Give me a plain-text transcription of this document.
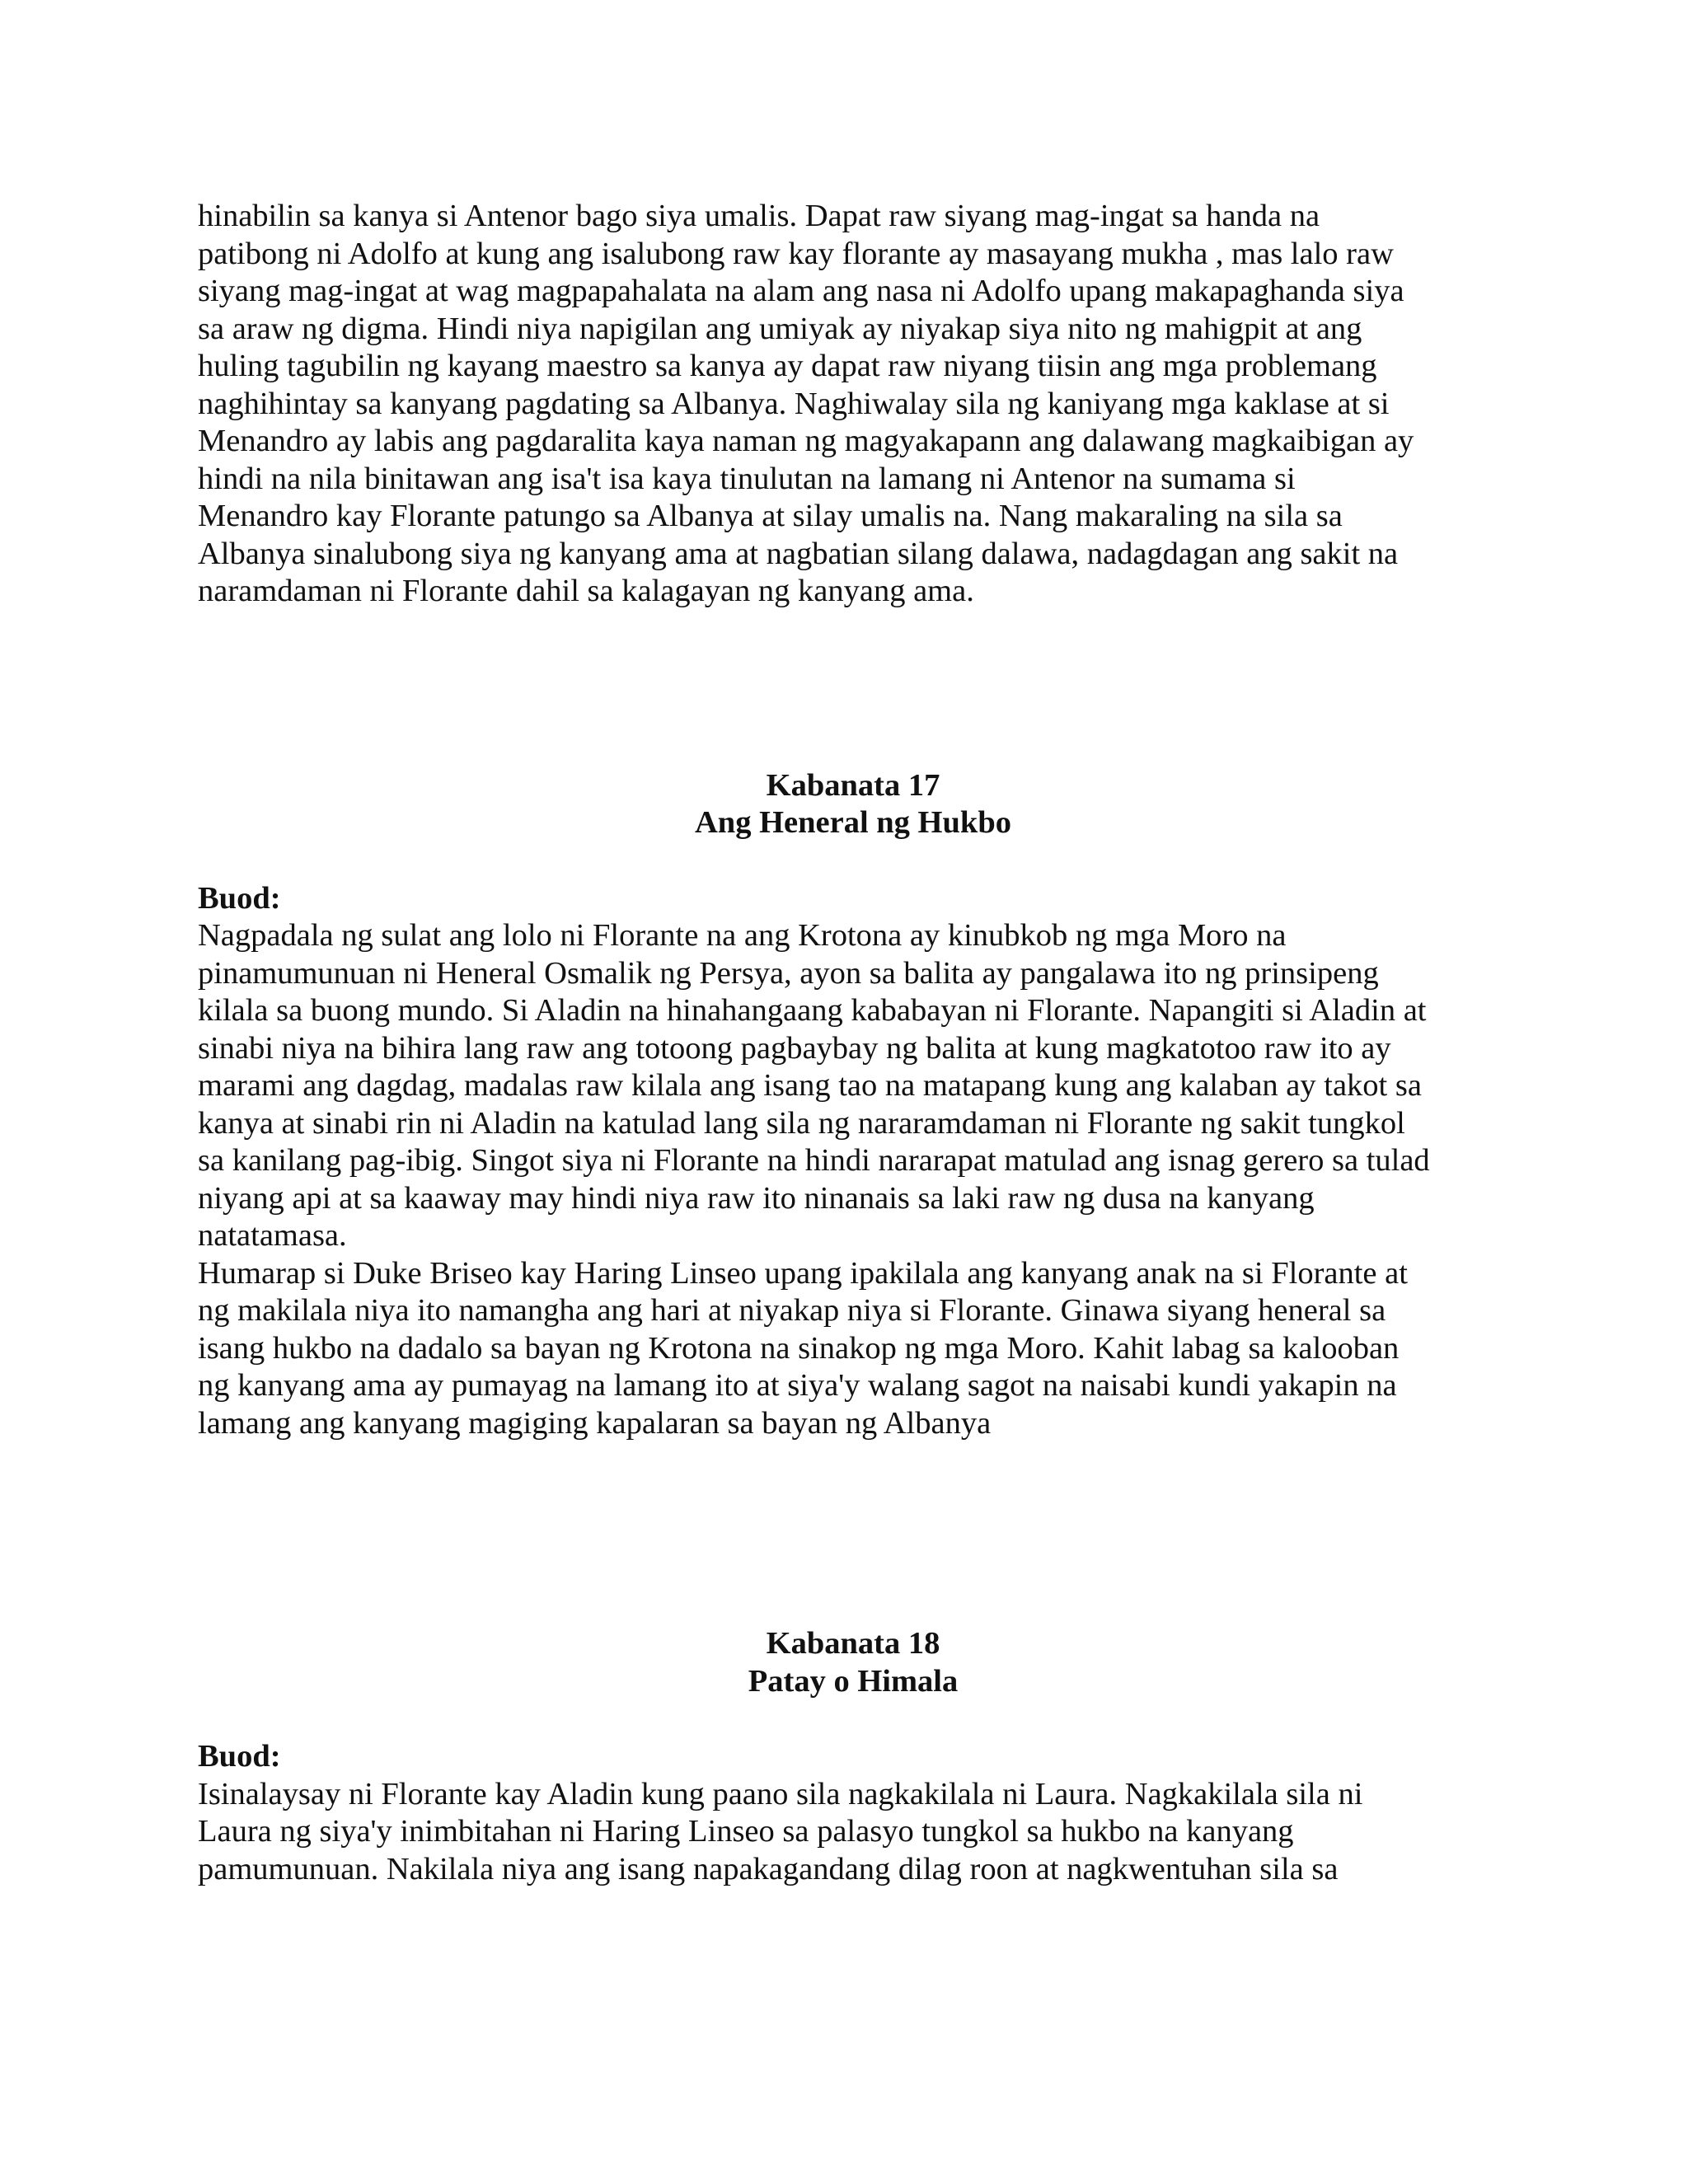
hinabilin sa kanya si Antenor bago siya umalis. Dapat raw siyang mag-ingat sa handa na
patibong ni Adolfo at kung ang isalubong raw kay florante ay masayang mukha , mas lalo raw
siyang mag-ingat at wag magpapahalata na alam ang nasa ni Adolfo upang makapaghanda siya
sa araw ng digma. Hindi niya napigilan ang umiyak ay niyakap siya nito ng mahigpit at ang
huling tagubilin ng kayang maestro sa kanya ay dapat raw niyang tiisin ang mga problemang
naghihintay sa kanyang pagdating sa Albanya. Naghiwalay sila ng kaniyang mga kaklase at si
Menandro ay labis ang pagdaralita kaya naman ng magyakapann ang dalawang magkaibigan ay
hindi na nila binitawan ang isa't isa kaya tinulutan na lamang ni Antenor na sumama si
Menandro kay Florante patungo sa Albanya at silay umalis na. Nang makaraling na sila sa
Albanya sinalubong siya ng kanyang ama at nagbatian silang dalawa, nadagdagan ang sakit na
naramdaman ni Florante dahil sa kalagayan ng kanyang ama.

Kabanata 17

Ang Heneral ng Hukbo

Buod:

Nagpadala ng sulat ang lolo ni Florante na ang Krotona ay kinubkob ng mga Moro na
pinamumunuan ni Heneral Osmalik ng Persya, ayon sa balita ay pangalawa ito ng prinsipeng
kilala sa buong mundo. Si Aladin na hinahangaang kababayan ni Florante. Napangiti si Aladin at
sinabi niya na bihira lang raw ang totoong pagbaybay ng balita at kung magkatotoo raw ito ay
marami ang dagdag, madalas raw kilala ang isang tao na matapang kung ang kalaban ay takot sa
kanya at sinabi rin ni Aladin na katulad lang sila ng nararamdaman ni Florante ng sakit tungkol
sa kanilang pag-ibig. Singot siya ni Florante na hindi nararapat matulad ang isnag gerero sa tulad
niyang api at sa kaaway may hindi niya raw ito ninanais sa laki raw ng dusa na kanyang
natatamasa.
Humarap si Duke Briseo kay Haring Linseo upang ipakilala ang kanyang anak na si Florante at
ng makilala niya ito namangha ang hari at niyakap niya si Florante. Ginawa siyang heneral sa
isang hukbo na dadalo sa bayan ng Krotona na sinakop ng mga Moro. Kahit labag sa kalooban
ng kanyang ama ay pumayag na lamang ito at siya'y walang sagot na naisabi kundi yakapin na
lamang ang kanyang magiging kapalaran sa bayan ng Albanya

Kabanata 18

Patay o Himala

Buod:

Isinalaysay ni Florante kay Aladin kung paano sila nagkakilala ni Laura. Nagkakilala sila ni
Laura ng siya'y inimbitahan ni Haring Linseo sa palasyo tungkol sa hukbo na kanyang
pamumunuan. Nakilala niya ang isang napakagandang dilag roon at nagkwentuhan sila sa
